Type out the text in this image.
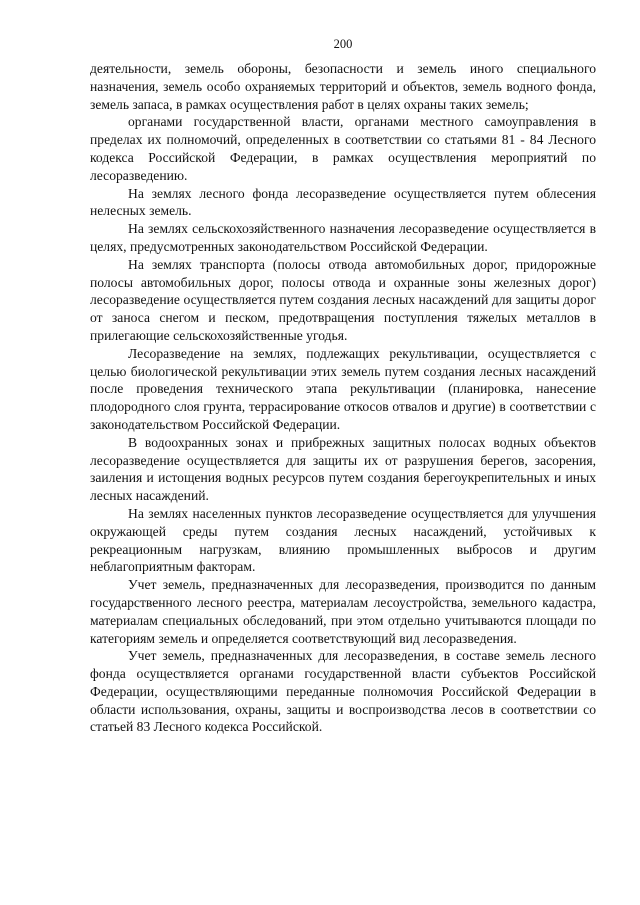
200

деятельности, земель обороны, безопасности и земель иного специального назначения, земель особо охраняемых территорий и объектов, земель водного фонда, земель запаса, в рамках осуществления работ в целях охраны таких земель;

органами государственной власти, органами местного самоуправления в пределах их полномочий, определенных в соответствии со статьями 81 - 84 Лесного кодекса Российской Федерации, в рамках осуществления мероприятий по лесоразведению.

На землях лесного фонда лесоразведение осуществляется путем облесения нелесных земель.

На землях сельскохозяйственного назначения лесоразведение осуществляется в целях, предусмотренных законодательством Российской Федерации.

На землях транспорта (полосы отвода автомобильных дорог, придорожные полосы автомобильных дорог, полосы отвода и охранные зоны железных дорог) лесоразведение осуществляется путем создания лесных насаждений для защиты дорог от заноса снегом и песком, предотвращения поступления тяжелых металлов в прилегающие сельскохозяйственные угодья.

Лесоразведение на землях, подлежащих рекультивации, осуществляется с целью биологической рекультивации этих земель путем создания лесных насаждений после проведения технического этапа рекультивации (планировка, нанесение плодородного слоя грунта, террасирование откосов отвалов и другие) в соответствии с законодательством Российской Федерации.

В водоохранных зонах и прибрежных защитных полосах водных объектов лесоразведение осуществляется для защиты их от разрушения берегов, засорения, заиления и истощения водных ресурсов путем создания берегоукрепительных и иных лесных насаждений.

На землях населенных пунктов лесоразведение осуществляется для улучшения окружающей среды путем создания лесных насаждений, устойчивых к рекреационным нагрузкам, влиянию промышленных выбросов и другим неблагоприятным факторам.

Учет земель, предназначенных для лесоразведения, производится по данным государственного лесного реестра, материалам лесоустройства, земельного кадастра, материалам специальных обследований, при этом отдельно учитываются площади по категориям земель и определяется соответствующий вид лесоразведения.

Учет земель, предназначенных для лесоразведения, в составе земель лесного фонда осуществляется органами государственной власти субъектов Российской Федерации, осуществляющими переданные полномочия Российской Федерации в области использования, охраны, защиты и воспроизводства лесов в соответствии со статьей 83 Лесного кодекса Российской.
